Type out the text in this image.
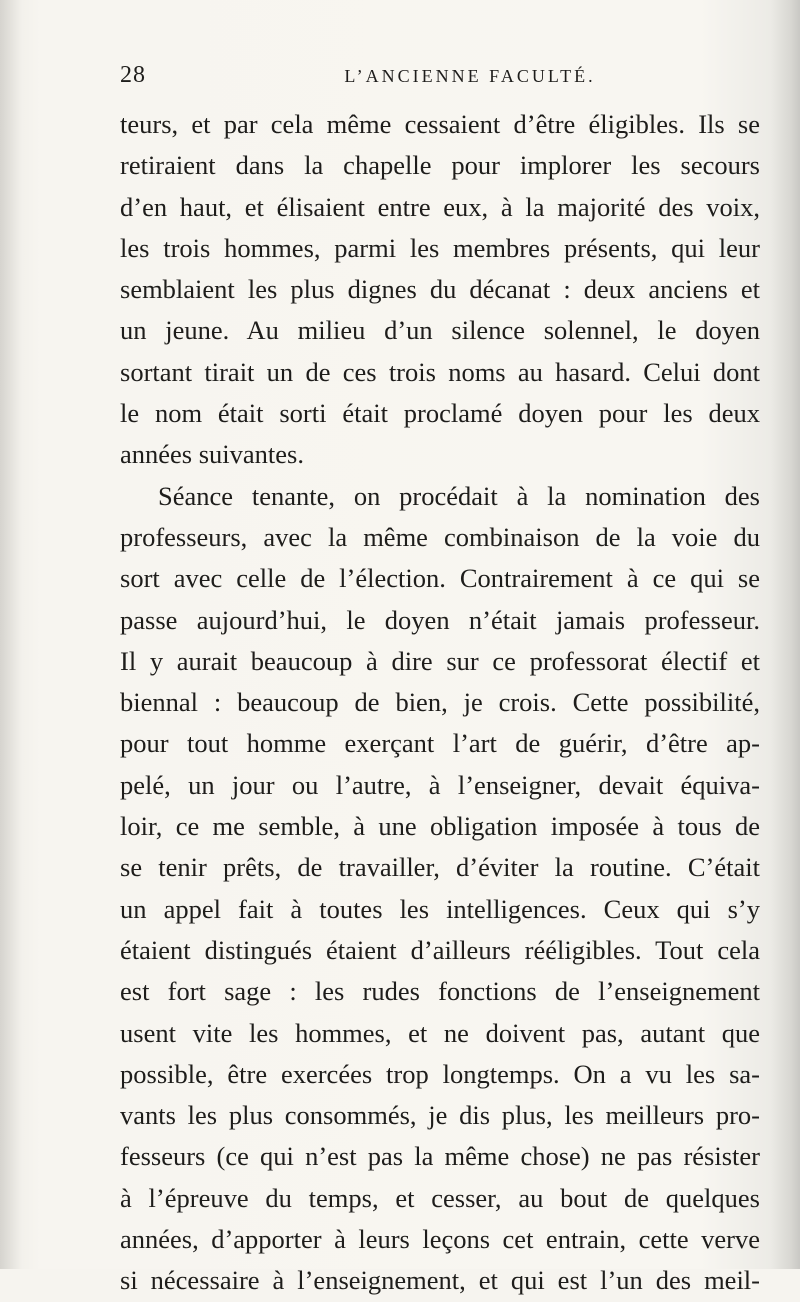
28	L’ANCIENNE FACULTÉ.
teurs, et par cela même cessaient d’être éligibles. Ils se
retiraient dans la chapelle pour implorer les secours
d’en haut, et élisaient entre eux, à la majorité des voix,
les trois hommes, parmi les membres présents, qui leur
semblaient les plus dignes du décanat : deux anciens et
un jeune. Au milieu d’un silence solennel, le doyen
sortant tirait un de ces trois noms au hasard. Celui dont
le nom était sorti était proclamé doyen pour les deux
années suivantes.
Séance tenante, on procédait à la nomination des
professeurs, avec la même combinaison de la voie du
sort avec celle de l’élection. Contrairement à ce qui se
passe aujourd’hui, le doyen n’était jamais professeur.
Il y aurait beaucoup à dire sur ce professorat électif et
biennal : beaucoup de bien, je crois. Cette possibilité,
pour tout homme exerçant l’art de guérir, d’être ap-
pelé, un jour ou l’autre, à l’enseigner, devait équiva-
loir, ce me semble, à une obligation imposée à tous de
se tenir prêts, de travailler, d’éviter la routine. C’était
un appel fait à toutes les intelligences. Ceux qui s’y
étaient distingués étaient d’ailleurs rééligibles. Tout cela
est fort sage : les rudes fonctions de l’enseignement
usent vite les hommes, et ne doivent pas, autant que
possible, être exercées trop longtemps. On a vu les sa-
vants les plus consommés, je dis plus, les meilleurs pro-
fesseurs (ce qui n’est pas la même chose) ne pas résister
à l’épreuve du temps, et cesser, au bout de quelques
années, d’apporter à leurs leçons cet entrain, cette verve
si nécessaire à l’enseignement, et qui est l’un des meil-
